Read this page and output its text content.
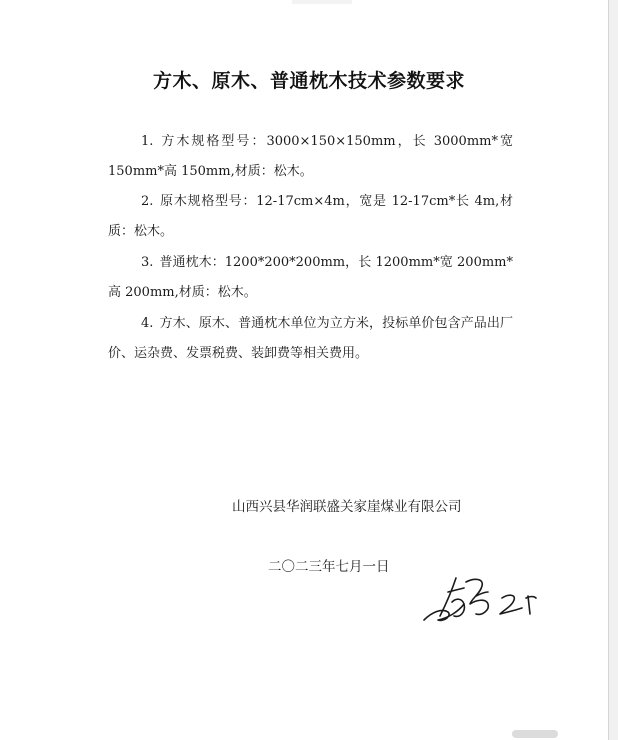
方木、原木、普通枕木技术参数要求

1. 方木规格型号：3000×150×150mm，长 3000mm*宽150mm*高 150mm,材质：松木。

2. 原木规格型号：12-17cm×4m，宽是 12-17cm*长 4m,材质：松木。

3. 普通枕木：1200*200*200mm，长 1200mm*宽 200mm*高 200mm,材质：松木。

4. 方木、原木、普通枕木单位为立方米，投标单价包含产品出厂价、运杂费、发票税费、装卸费等相关费用。

山西兴县华润联盛关家崖煤业有限公司

二〇二三年七月一日
